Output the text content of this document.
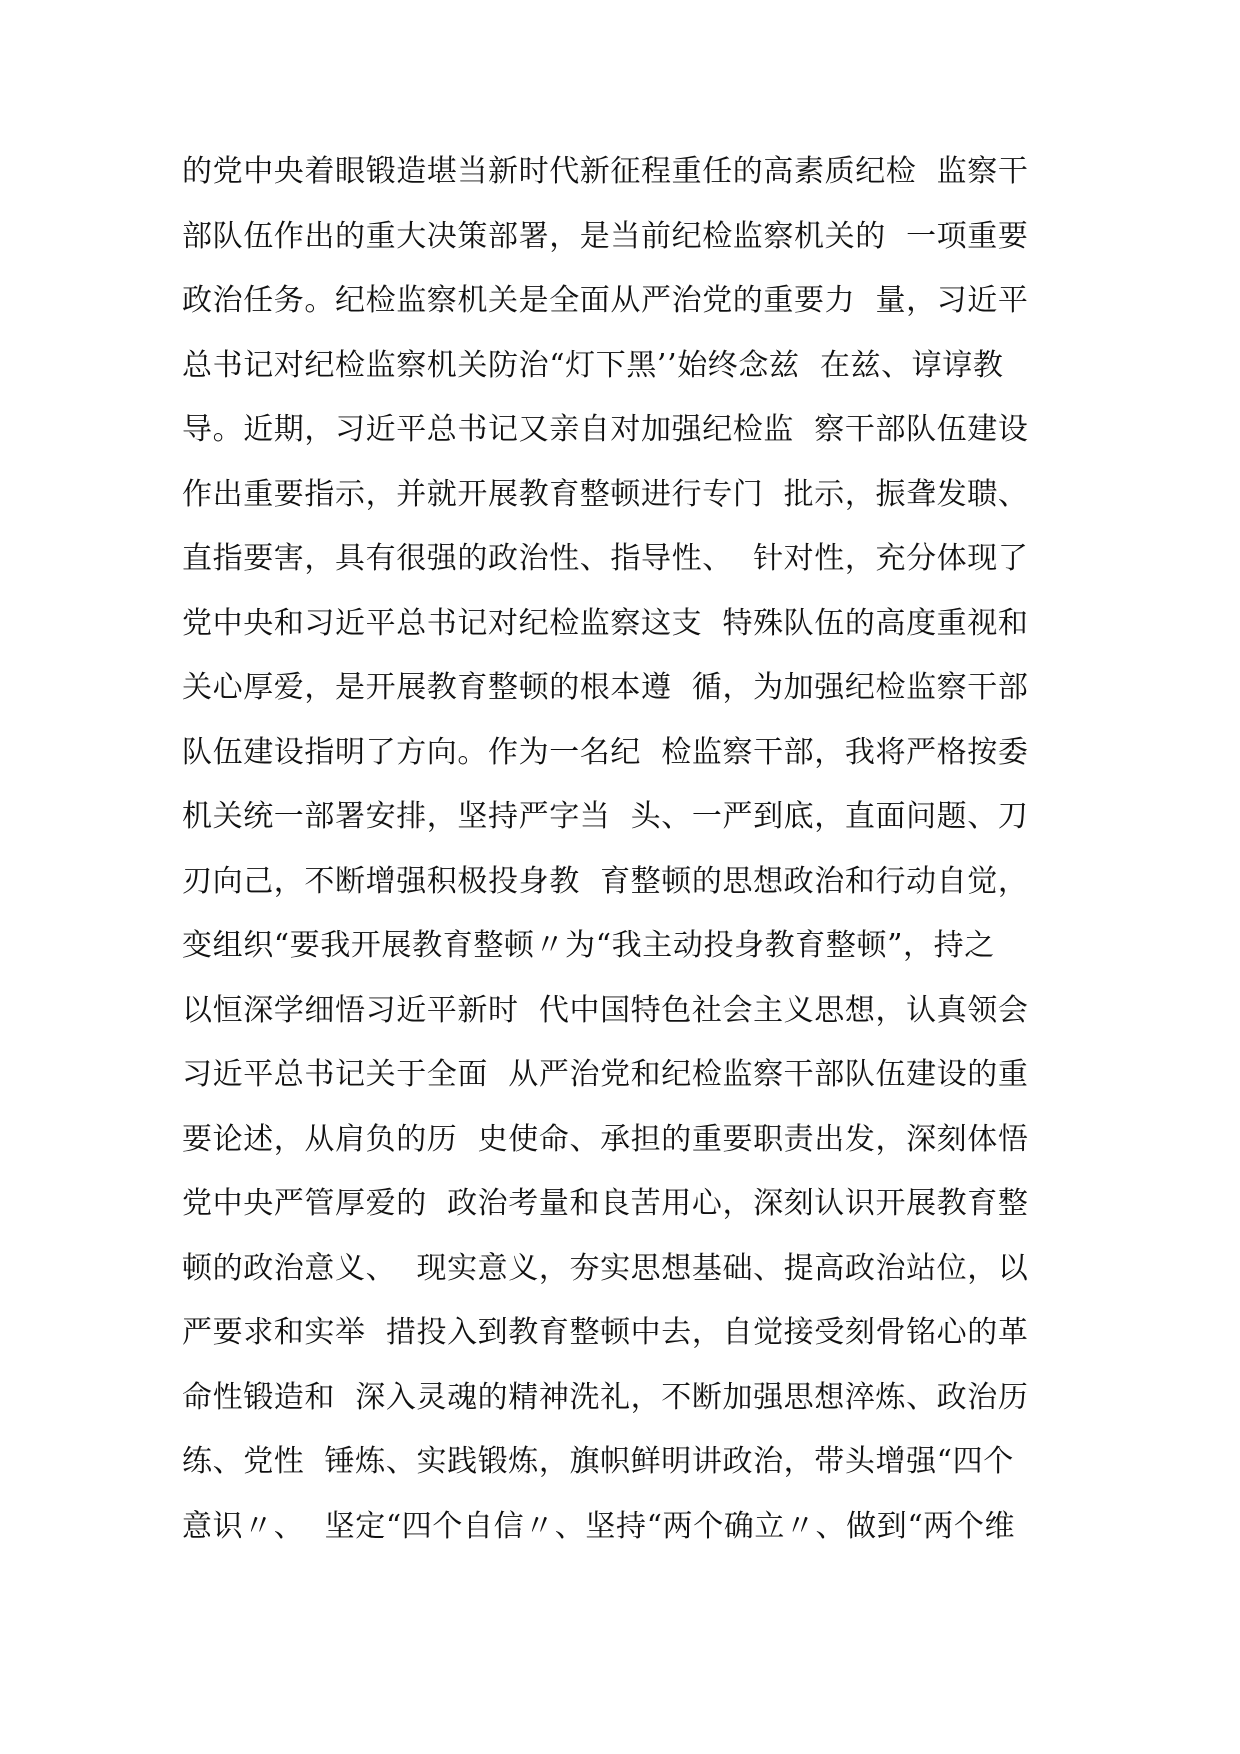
的党中央着眼锻造堪当新时代新征程重任的高素质纪检  监察干
部队伍作出的重大决策部署，是当前纪检监察机关的  一项重要
政治任务。纪检监察机关是全面从严治党的重要力  量，习近平
总书记对纪检监察机关防治“灯下黑’’始终念兹  在兹、谆谆教
导。近期，习近平总书记又亲自对加强纪检监  察干部队伍建设
作出重要指示，并就开展教育整顿进行专门  批示，振聋发聩、
直指要害，具有很强的政治性、指导性、  针对性，充分体现了
党中央和习近平总书记对纪检监察这支  特殊队伍的高度重视和
关心厚爱，是开展教育整顿的根本遵  循，为加强纪检监察干部
队伍建设指明了方向。作为一名纪  检监察干部，我将严格按委
机关统一部署安排，坚持严字当  头、一严到底，直面问题、刀
刃向己，不断增强积极投身教  育整顿的思想政治和行动自觉，
变组织“要我开展教育整顿〃为“我主动投身教育整顿”，持之
以恒深学细悟习近平新时  代中国特色社会主义思想，认真领会
习近平总书记关于全面  从严治党和纪检监察干部队伍建设的重
要论述，从肩负的历  史使命、承担的重要职责出发，深刻体悟
党中央严管厚爱的  政治考量和良苦用心，深刻认识开展教育整
顿的政治意义、  现实意义，夯实思想基础、提高政治站位，以
严要求和实举  措投入到教育整顿中去，自觉接受刻骨铭心的革
命性锻造和  深入灵魂的精神洗礼，不断加强思想淬炼、政治历
练、党性  锤炼、实践锻炼，旗帜鲜明讲政治，带头增强“四个
意识〃、  坚定“四个自信〃、坚持“两个确立〃、做到“两个维
